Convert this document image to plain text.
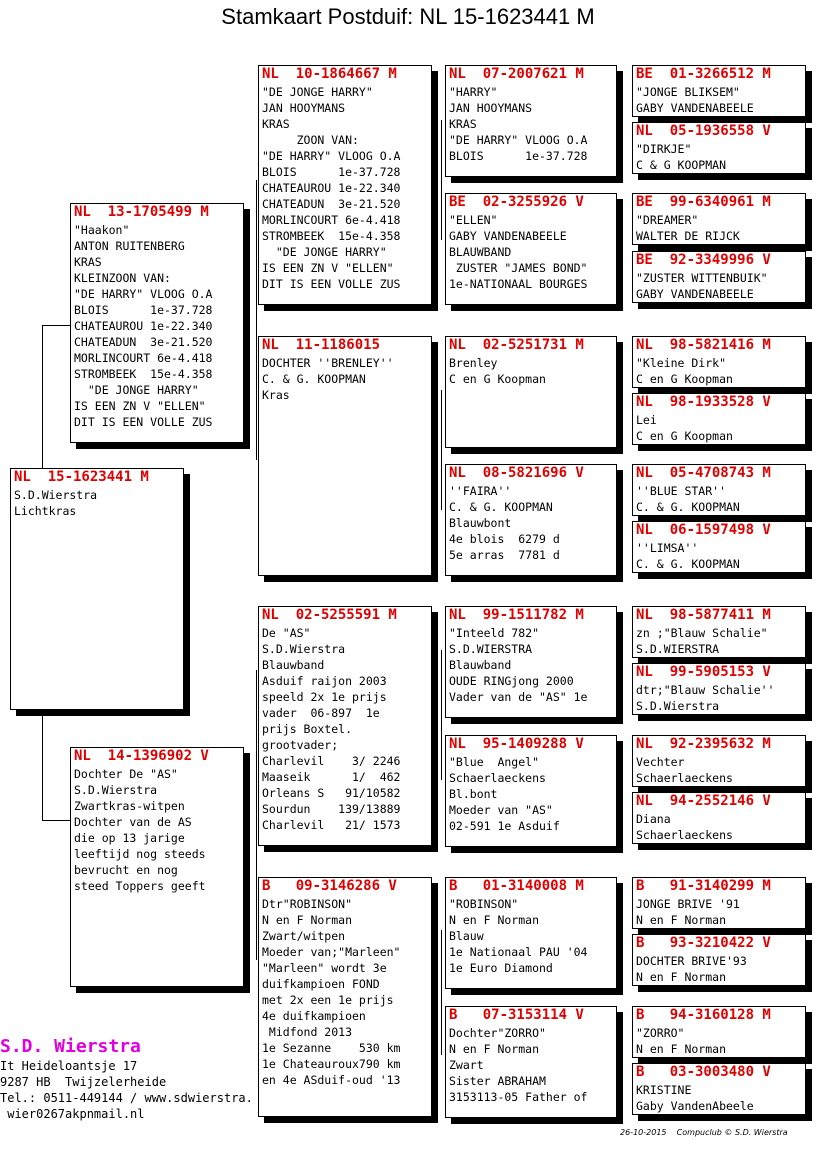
Stamkaart Postduif: NL 15-1623441 M
NL  15-1623441 M
S.D.Wierstra
Lichtkras
NL  13-1705499 M
"Haakon"
ANTON RUITENBERG
KRAS
KLEINZOON VAN:
"DE HARRY" VLOOG O.A
BLOIS      1e-37.728
CHATEAUROU 1e-22.340
CHATEADUN  3e-21.520
MORLINCOURT 6e-4.418
STROMBEEK  15e-4.358
"DE JONGE HARRY"
IS EEN ZN V "ELLEN"
DIT IS EEN VOLLE ZUS
NL  14-1396902 V
Dochter De "AS"
S.D.Wierstra
Zwartkras-witpen
Dochter van de AS
die op 13 jarige
leeftijd nog steeds
bevrucht en nog
steed Toppers geeft
NL  10-1864667 M
"DE JONGE HARRY"
JAN HOOYMANS
KRAS
ZOON VAN:
"DE HARRY" VLOOG O.A
BLOIS      1e-37.728
CHATEAUROU 1e-22.340
CHATEADUN  3e-21.520
MORLINCOURT 6e-4.418
STROMBEEK  15e-4.358
"DE JONGE HARRY"
IS EEN ZN V "ELLEN"
DIT IS EEN VOLLE ZUS
NL  11-1186015
DOCHTER ''BRENLEY''
C. & G. KOOPMAN
Kras
NL  02-5255591 M
De "AS"
S.D.Wierstra
Blauwband
Asduif raijon 2003
speeld 2x 1e prijs
vader  06-897  1e
prijs Boxtel.
grootvader;
Charlevil    3/ 2246
Maaseik      1/  462
Orleans S   91/10582
Sourdun    139/13889
Charlevil   21/ 1573
B   09-3146286 V
Dtr"ROBINSON"
N en F Norman
Zwart/witpen
Moeder van;"Marleen"
"Marleen" wordt 3e
duifkampioen FOND
met 2x een 1e prijs
4e duifkampioen
Midfond 2013
1e Sezanne    530 km
1e Chateauroux790 km
en 4e ASduif-oud '13
NL  07-2007621 M
"HARRY"
JAN HOOYMANS
KRAS
"DE HARRY" VLOOG O.A
BLOIS      1e-37.728
BE  02-3255926 V
"ELLEN"
GABY VANDENABEELE
BLAUWBAND
ZUSTER "JAMES BOND"
1e-NATIONAAL BOURGES
NL  02-5251731 M
Brenley
C en G Koopman
NL  08-5821696 V
''FAIRA''
C. & G. KOOPMAN
Blauwbont
4e blois  6279 d
5e arras  7781 d
NL  99-1511782 M
"Inteeld 782"
S.D.WIERSTRA
Blauwband
OUDE RINGjong 2000
Vader van de "AS" 1e
NL  95-1409288 V
"Blue  Angel"
Schaerlaeckens
Bl.bont
Moeder van "AS"
02-591 1e Asduif
B   01-3140008 M
"ROBINSON"
N en F Norman
Blauw
1e Nationaal PAU '04
1e Euro Diamond
B   07-3153114 V
Dochter"ZORRO"
N en F Norman
Zwart
Sister ABRAHAM
3153113-05 Father of
BE  01-3266512 M
"JONGE BLIKSEM"
GABY VANDENABEELE
NL  05-1936558 V
"DIRKJE"
C & G KOOPMAN
BE  99-6340961 M
"DREAMER"
WALTER DE RIJCK
BE  92-3349996 V
"ZUSTER WITTENBUIK"
GABY VANDENABEELE
NL  98-5821416 M
"Kleine Dirk"
C en G Koopman
NL  98-1933528 V
Lei
C en G Koopman
NL  05-4708743 M
''BLUE STAR''
C. & G. KOOPMAN
NL  06-1597498 V
''LIMSA''
C. & G. KOOPMAN
NL  98-5877411 M
zn ;"Blauw Schalie"
S.D.WIERSTRA
NL  99-5905153 V
dtr;"Blauw Schalie''
S.D.Wierstra
NL  92-2395632 M
Vechter
Schaerlaeckens
NL  94-2552146 V
Diana
Schaerlaeckens
B   91-3140299 M
JONGE BRIVE '91
N en F Norman
B   93-3210422 V
DOCHTER BRIVE'93
N en F Norman
B   94-3160128 M
"ZORRO"
N en F Norman
B   03-3003480 V
KRISTINE
Gaby VandenAbeele
S.D. Wierstra
It Heideloantsje 17
9287 HB  Twijzelerheide
Tel.: 0511-449144 / www.sdwierstra.
wier0267akpnmail.nl
26-10-2015    Compuclub © S.D. Wierstra
